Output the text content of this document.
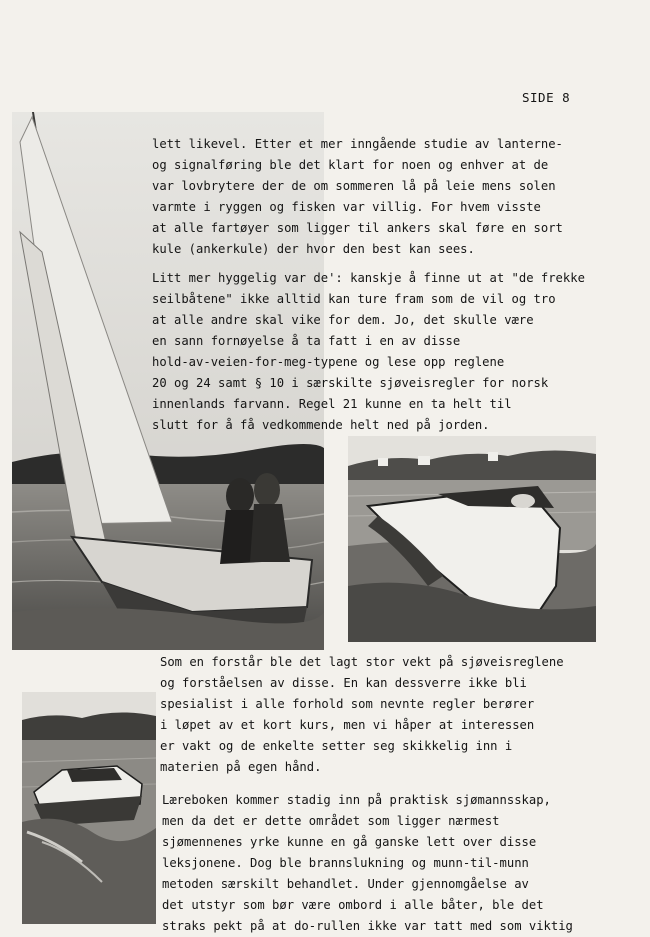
SIDE 8
lett likevel. Etter et mer inngående studie av lanterne-
og signalføring ble det klart for noen og enhver at de
var lovbrytere der de om sommeren lå på leie mens solen
varmte i ryggen og fisken var villig. For hvem visste
at alle fartøyer som ligger til ankers skal føre en sort
kule (ankerkule) der hvor den best kan sees.
Litt mer hyggelig var de': kanskje å finne ut at "de frekke
seilbåtene" ikke alltid kan ture fram som de vil og tro
at alle andre skal vike for dem. Jo, det skulle være
en sann fornøyelse å ta fatt i en av disse
hold-av-veien-for-meg-typene og lese opp reglene
20 og 24 samt § 10 i særskilte sjøveisregler for norsk
innenlands farvann. Regel 21 kunne en ta helt til
slutt for å få vedkommende helt ned på jorden.
Som en forstår ble det lagt stor vekt på sjøveisreglene
og forståelsen av disse. En kan dessverre ikke bli
spesialist i alle forhold som nevnte regler berører
i løpet av et kort kurs, men vi håper at interessen
er vakt og de enkelte setter seg skikkelig inn i
materien på egen hånd.
Læreboken kommer stadig inn på praktisk sjømannsskap,
men da det er dette området som ligger nærmest
sjømennenes yrke kunne en gå ganske lett over disse
leksjonene. Dog ble brannslukning og munn-til-munn
metoden særskilt behandlet. Under gjennomgåelse av
det utstyr som bør være ombord i alle båter, ble det
straks pekt på at do-rullen ikke var tatt med som viktig
